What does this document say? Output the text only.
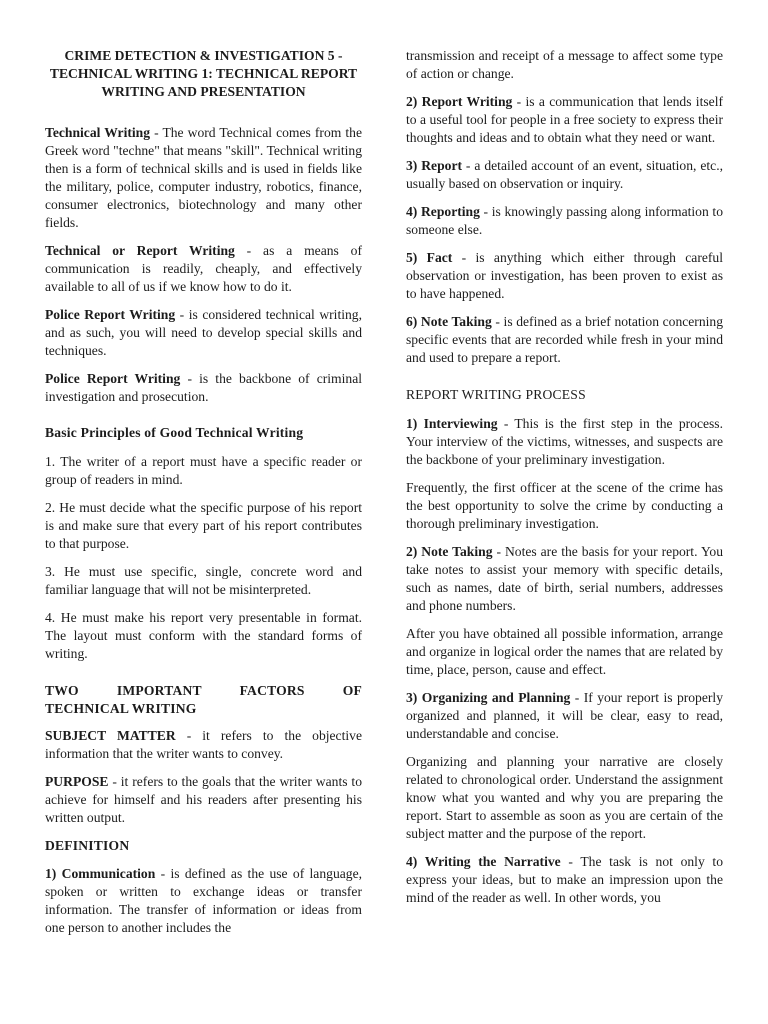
CRIME DETECTION & INVESTIGATION 5 - TECHNICAL WRITING 1: TECHNICAL REPORT WRITING AND PRESENTATION

Technical Writing - The word Technical comes from the Greek word "techne" that means "skill". Technical writing then is a form of technical skills and is used in fields like the military, police, computer industry, robotics, finance, consumer electronics, biotechnology and many other fields.

Technical or Report Writing - as a means of communication is readily, cheaply, and effectively available to all of us if we know how to do it.

Police Report Writing - is considered technical writing, and as such, you will need to develop special skills and techniques.

Police Report Writing - is the backbone of criminal investigation and prosecution.

Basic Principles of Good Technical Writing

1. The writer of a report must have a specific reader or group of readers in mind.

2. He must decide what the specific purpose of his report is and make sure that every part of his report contributes to that purpose.

3. He must use specific, single, concrete word and familiar language that will not be misinterpreted.

4. He must make his report very presentable in format. The layout must conform with the standard forms of writing.

TWO IMPORTANT FACTORS OF
TECHNICAL WRITING

SUBJECT MATTER - it refers to the objective information that the writer wants to convey.

PURPOSE - it refers to the goals that the writer wants to achieve for himself and his readers after presenting his written output.

DEFINITION

1) Communication - is defined as the use of language, spoken or written to exchange ideas or transfer information. The transfer of information or ideas from one person to another includes the

transmission and receipt of a message to affect some type of action or change.

2) Report Writing - is a communication that lends itself to a useful tool for people in a free society to express their thoughts and ideas and to obtain what they need or want.

3) Report - a detailed account of an event, situation, etc., usually based on observation or inquiry.

4) Reporting - is knowingly passing along information to someone else.

5) Fact - is anything which either through careful observation or investigation, has been proven to exist as to have happened.

6) Note Taking - is defined as a brief notation concerning specific events that are recorded while fresh in your mind and used to prepare a report.

REPORT WRITING PROCESS

1) Interviewing - This is the first step in the process. Your interview of the victims, witnesses, and suspects are the backbone of your preliminary investigation.

Frequently, the first officer at the scene of the crime has the best opportunity to solve the crime by conducting a thorough preliminary investigation.

2) Note Taking - Notes are the basis for your report. You take notes to assist your memory with specific details, such as names, date of birth, serial numbers, addresses and phone numbers.

After you have obtained all possible information, arrange and organize in logical order the names that are related by time, place, person, cause and effect.

3) Organizing and Planning - If your report is properly organized and planned, it will be clear, easy to read, understandable and concise.

Organizing and planning your narrative are closely related to chronological order. Understand the assignment know what you wanted and why you are preparing the report. Start to assemble as soon as you are certain of the subject matter and the purpose of the report.

4) Writing the Narrative - The task is not only to express your ideas, but to make an impression upon the mind of the reader as well. In other words, you
